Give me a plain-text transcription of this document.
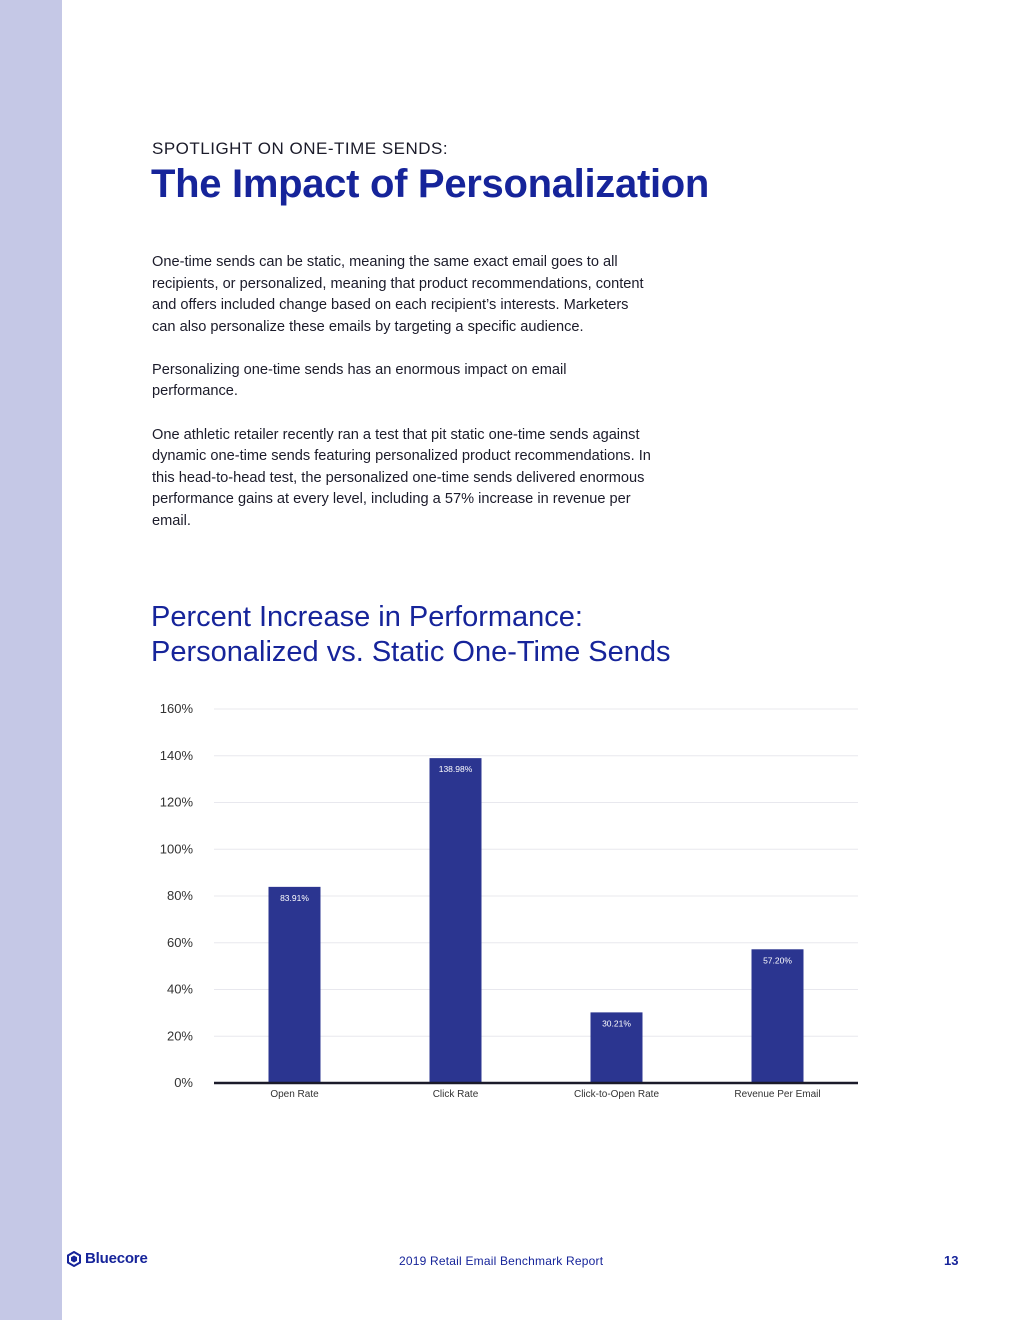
SPOTLIGHT ON ONE-TIME SENDS:
The Impact of Personalization

One-time sends can be static, meaning the same exact email goes to all recipients, or personalized, meaning that product recommendations, content and offers included change based on each recipient’s interests. Marketers can also personalize these emails by targeting a specific audience.

Personalizing one-time sends has an enormous impact on email performance.

One athletic retailer recently ran a test that pit static one-time sends against dynamic one-time sends featuring personalized product recommendations. In this head-to-head test, the personalized one-time sends delivered enormous performance gains at every level, including a 57% increase in revenue per email.

Percent Increase in Performance:
Personalized vs. Static One-Time Sends
0%
20%
40%
60%
80%
100%
120%
140%
160%
83.91%
Open Rate
138.98%
Click Rate
30.21%
Click-to-Open Rate
57.20%
Revenue Per Email
Bluecore	2019 Retail Email Benchmark Report	13
